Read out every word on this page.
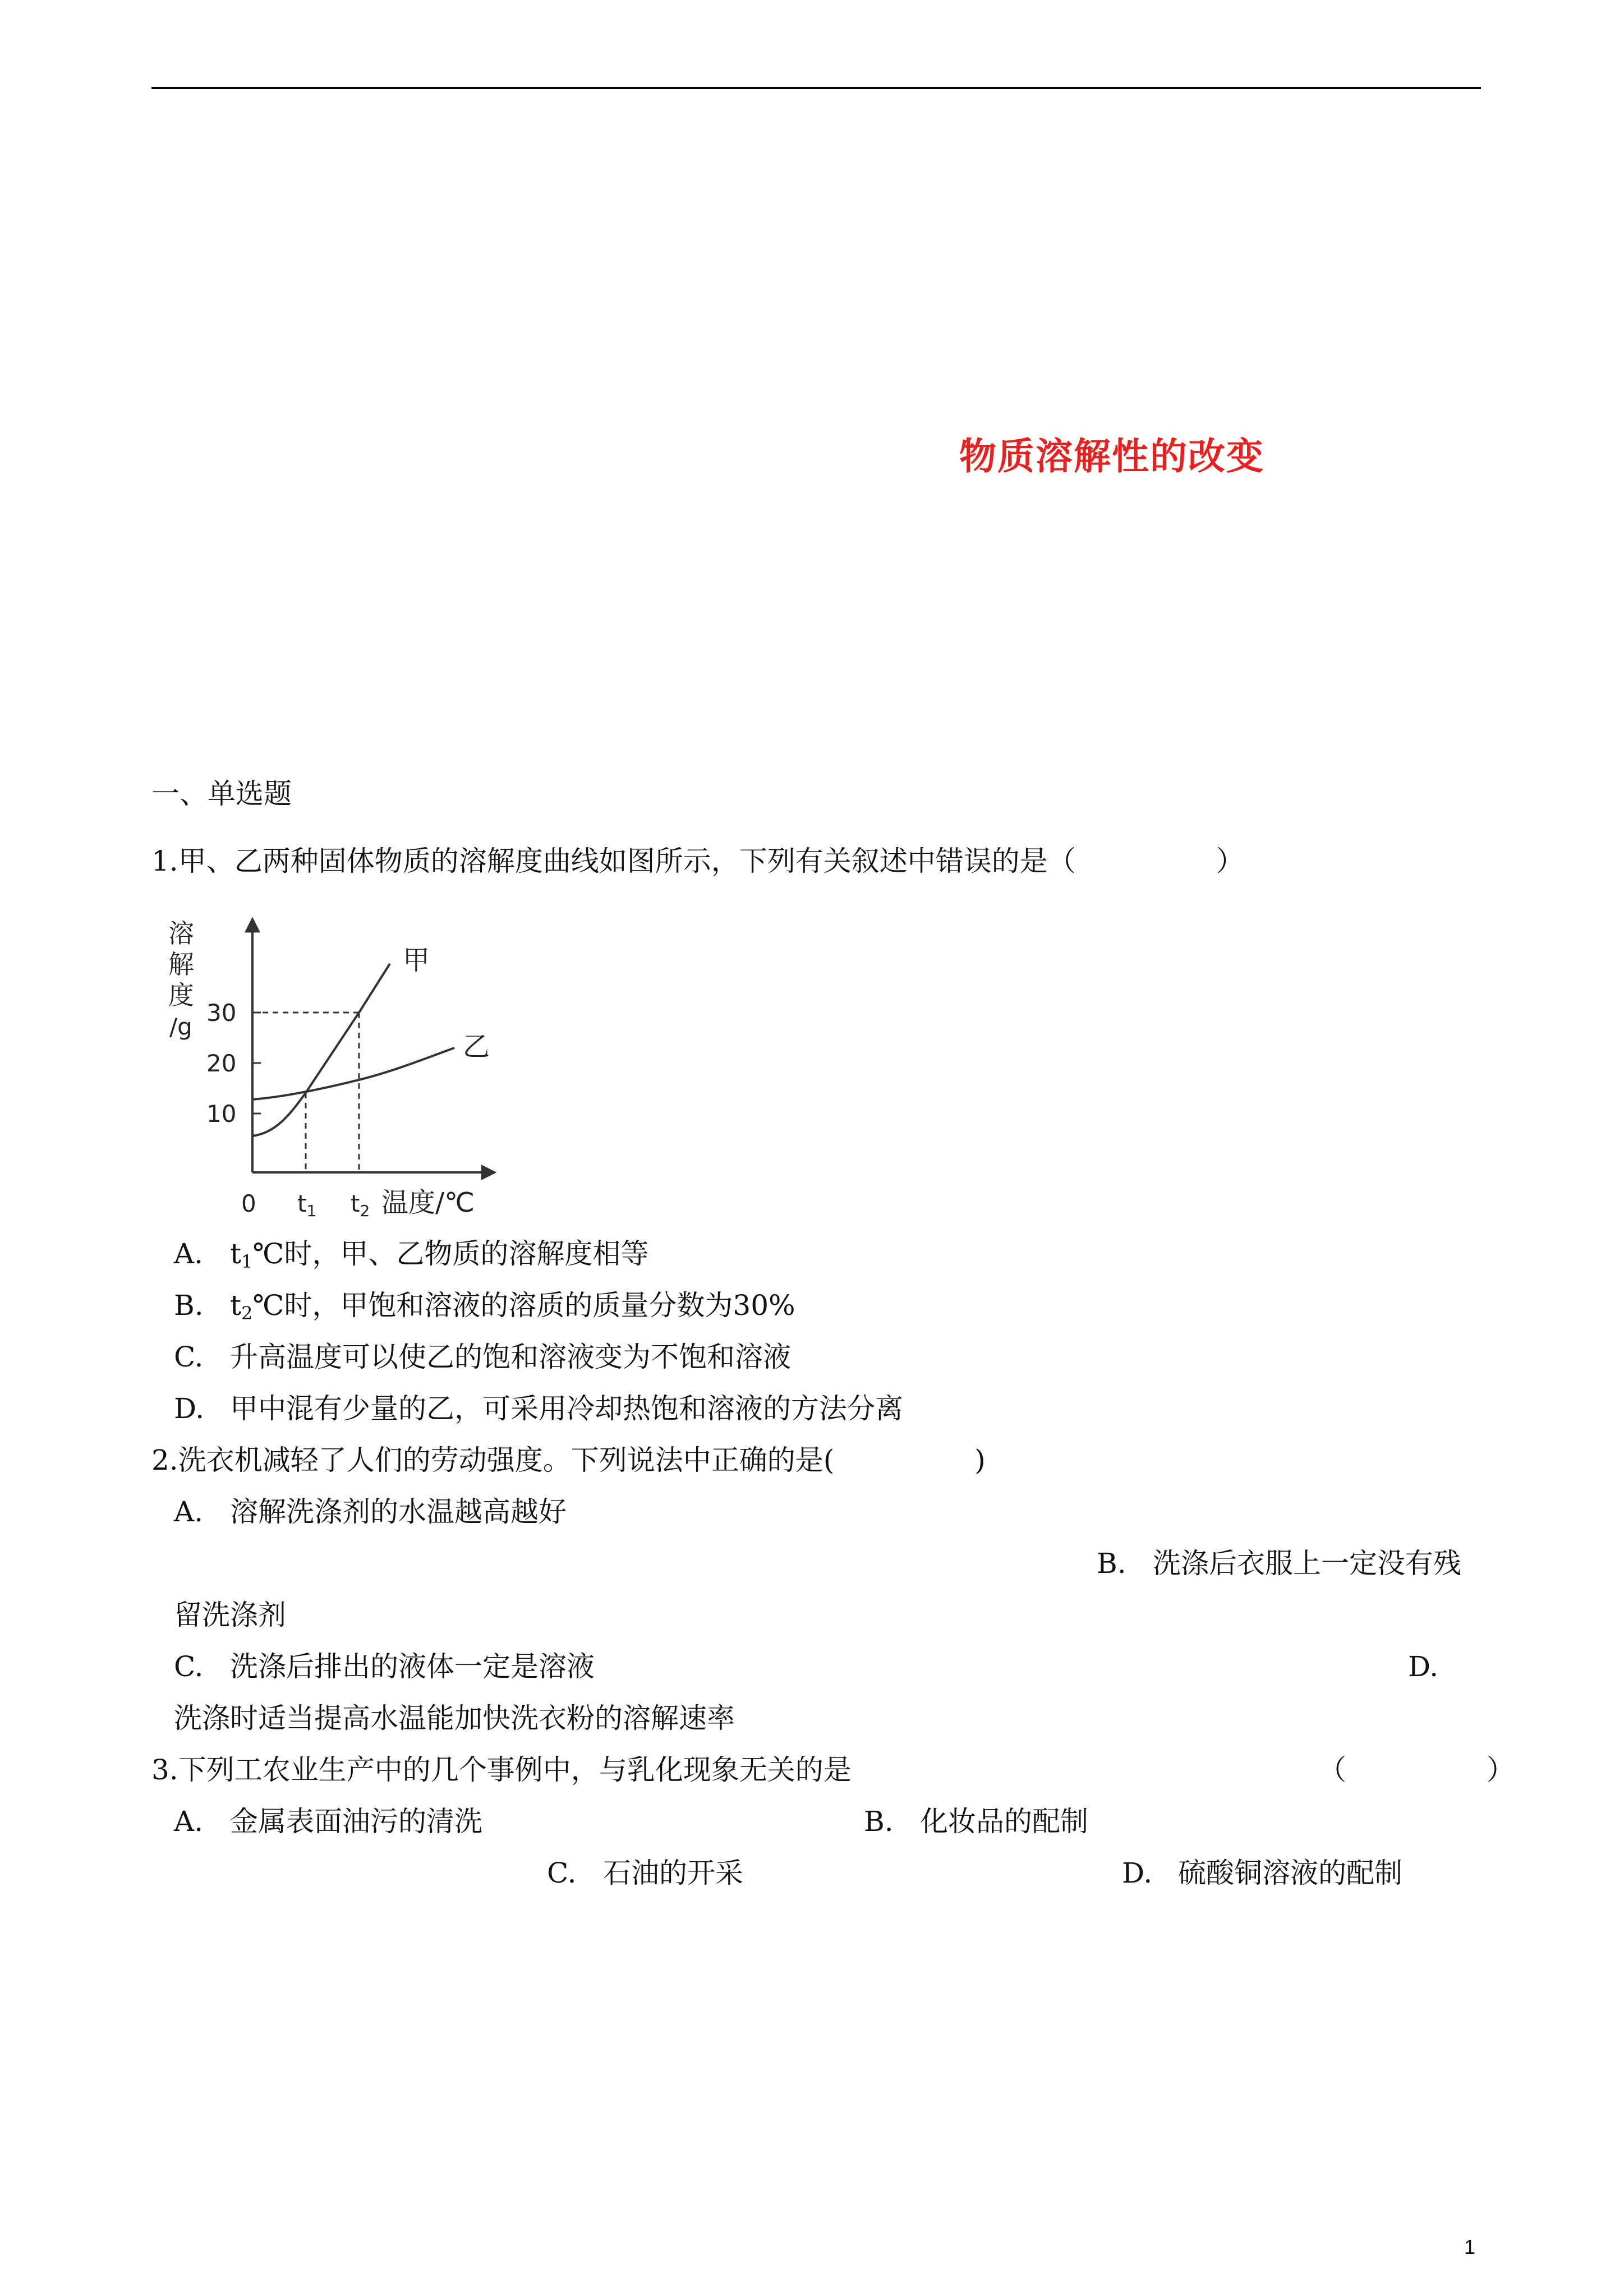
物质溶解性的改变
一、单选题
1.甲、乙两种固体物质的溶解度曲线如图所示，下列有关叙述中错误的是（　　　　　）
溶
解
度
/g
10
20
30
甲
乙
0 t1 t2 温度/℃
A. $t_1℃$时，甲、乙物质的溶解度相等
B. $t_2℃$时，甲饱和溶液的溶质的质量分数为30%
C. 升高温度可以使乙的饱和溶液变为不饱和溶液
D. 甲中混有少量的乙，可采用冷却热饱和溶液的方法分离
2.洗衣机减轻了人们的劳动强度。下列说法中正确的是(　　　　　)
A. 溶解洗涤剂的水温越高越好
B. 洗涤后衣服上一定没有残
留洗涤剂
C. 洗涤后排出的液体一定是溶液	D.
洗涤时适当提高水温能加快洗衣粉的溶解速率
3.下列工农业生产中的几个事例中，与乳化现象无关的是	（　　　　　）
A. 金属表面油污的清洗	B. 化妆品的配制
C. 石油的开采	D. 硫酸铜溶液的配制
1
